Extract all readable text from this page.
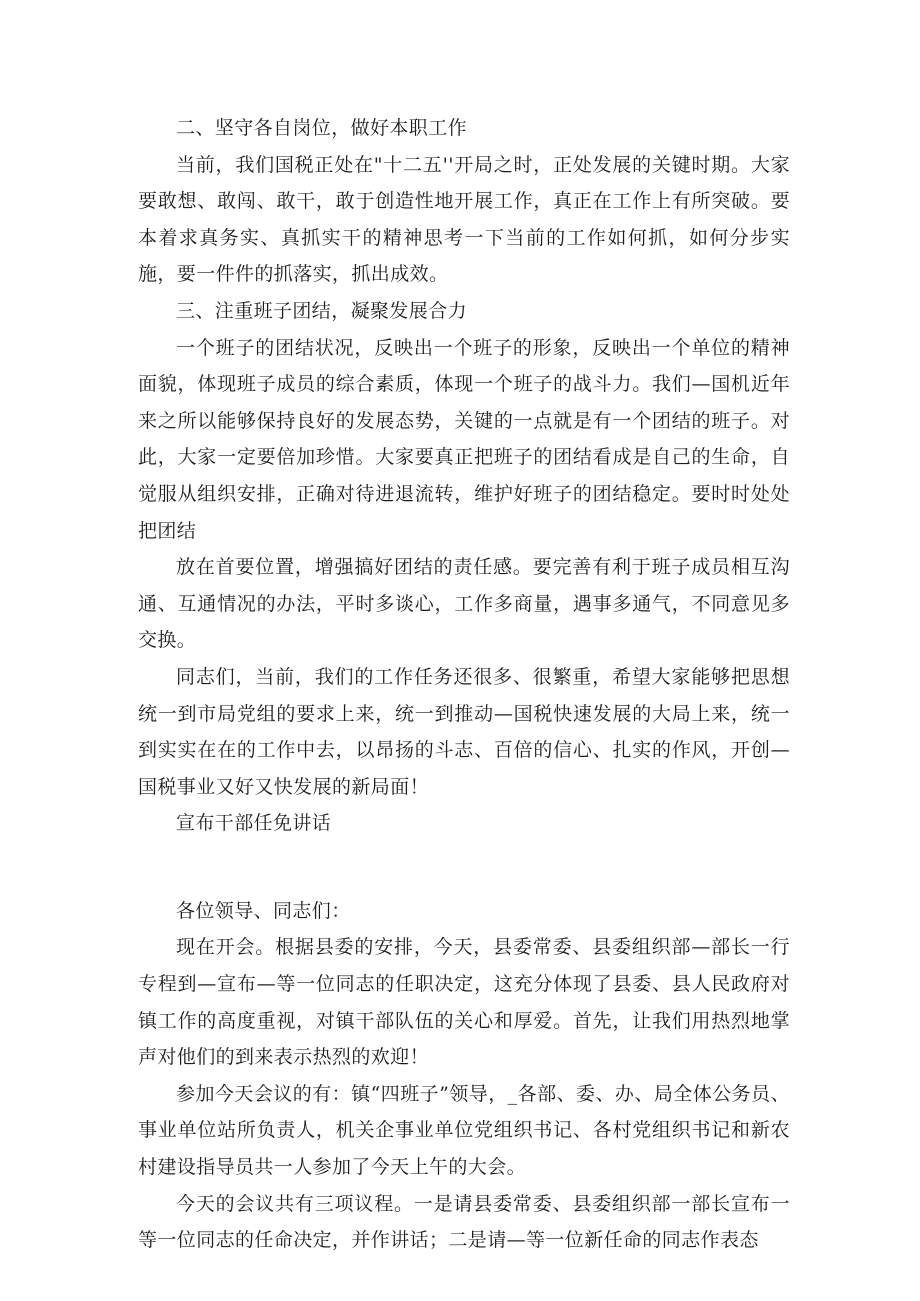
二、坚守各自岗位，做好本职工作

当前，我们国税正处在"十二五''开局之时，正处发展的关键时期。大家要敢想、敢闯、敢干，敢于创造性地开展工作，真正在工作上有所突破。要本着求真务实、真抓实干的精神思考一下当前的工作如何抓，如何分步实施，要一件件的抓落实，抓出成效。

三、注重班子团结，凝聚发展合力

一个班子的团结状况，反映出一个班子的形象，反映出一个单位的精神面貌，体现班子成员的综合素质，体现一个班子的战斗力。我们—国机近年来之所以能够保持良好的发展态势，关键的一点就是有一个团结的班子。对此，大家一定要倍加珍惜。大家要真正把班子的团结看成是自己的生命，自觉服从组织安排，正确对待进退流转，维护好班子的团结稳定。要时时处处把团结

放在首要位置，增强搞好团结的责任感。要完善有利于班子成员相互沟通、互通情况的办法，平时多谈心，工作多商量，遇事多通气，不同意见多交换。

同志们，当前，我们的工作任务还很多、很繁重，希望大家能够把思想统一到市局党组的要求上来，统一到推动—国税快速发展的大局上来，统一到实实在在的工作中去，以昂扬的斗志、百倍的信心、扎实的作风，开创—国税事业又好又快发展的新局面！

宣布干部任免讲话

各位领导、同志们：

现在开会。根据县委的安排，今天，县委常委、县委组织部—部长一行专程到—宣布—等一位同志的任职决定，这充分体现了县委、县人民政府对镇工作的高度重视，对镇干部队伍的关心和厚爱。首先，让我们用热烈地掌声对他们的到来表示热烈的欢迎！

参加今天会议的有：镇“四班子”领导，_各部、委、办、局全体公务员、事业单位站所负责人，机关企事业单位党组织书记、各村党组织书记和新农村建设指导员共一人参加了今天上午的大会。

今天的会议共有三项议程。一是请县委常委、县委组织部一部长宣布一等一位同志的任命决定，并作讲话；二是请—等一位新任命的同志作表态
